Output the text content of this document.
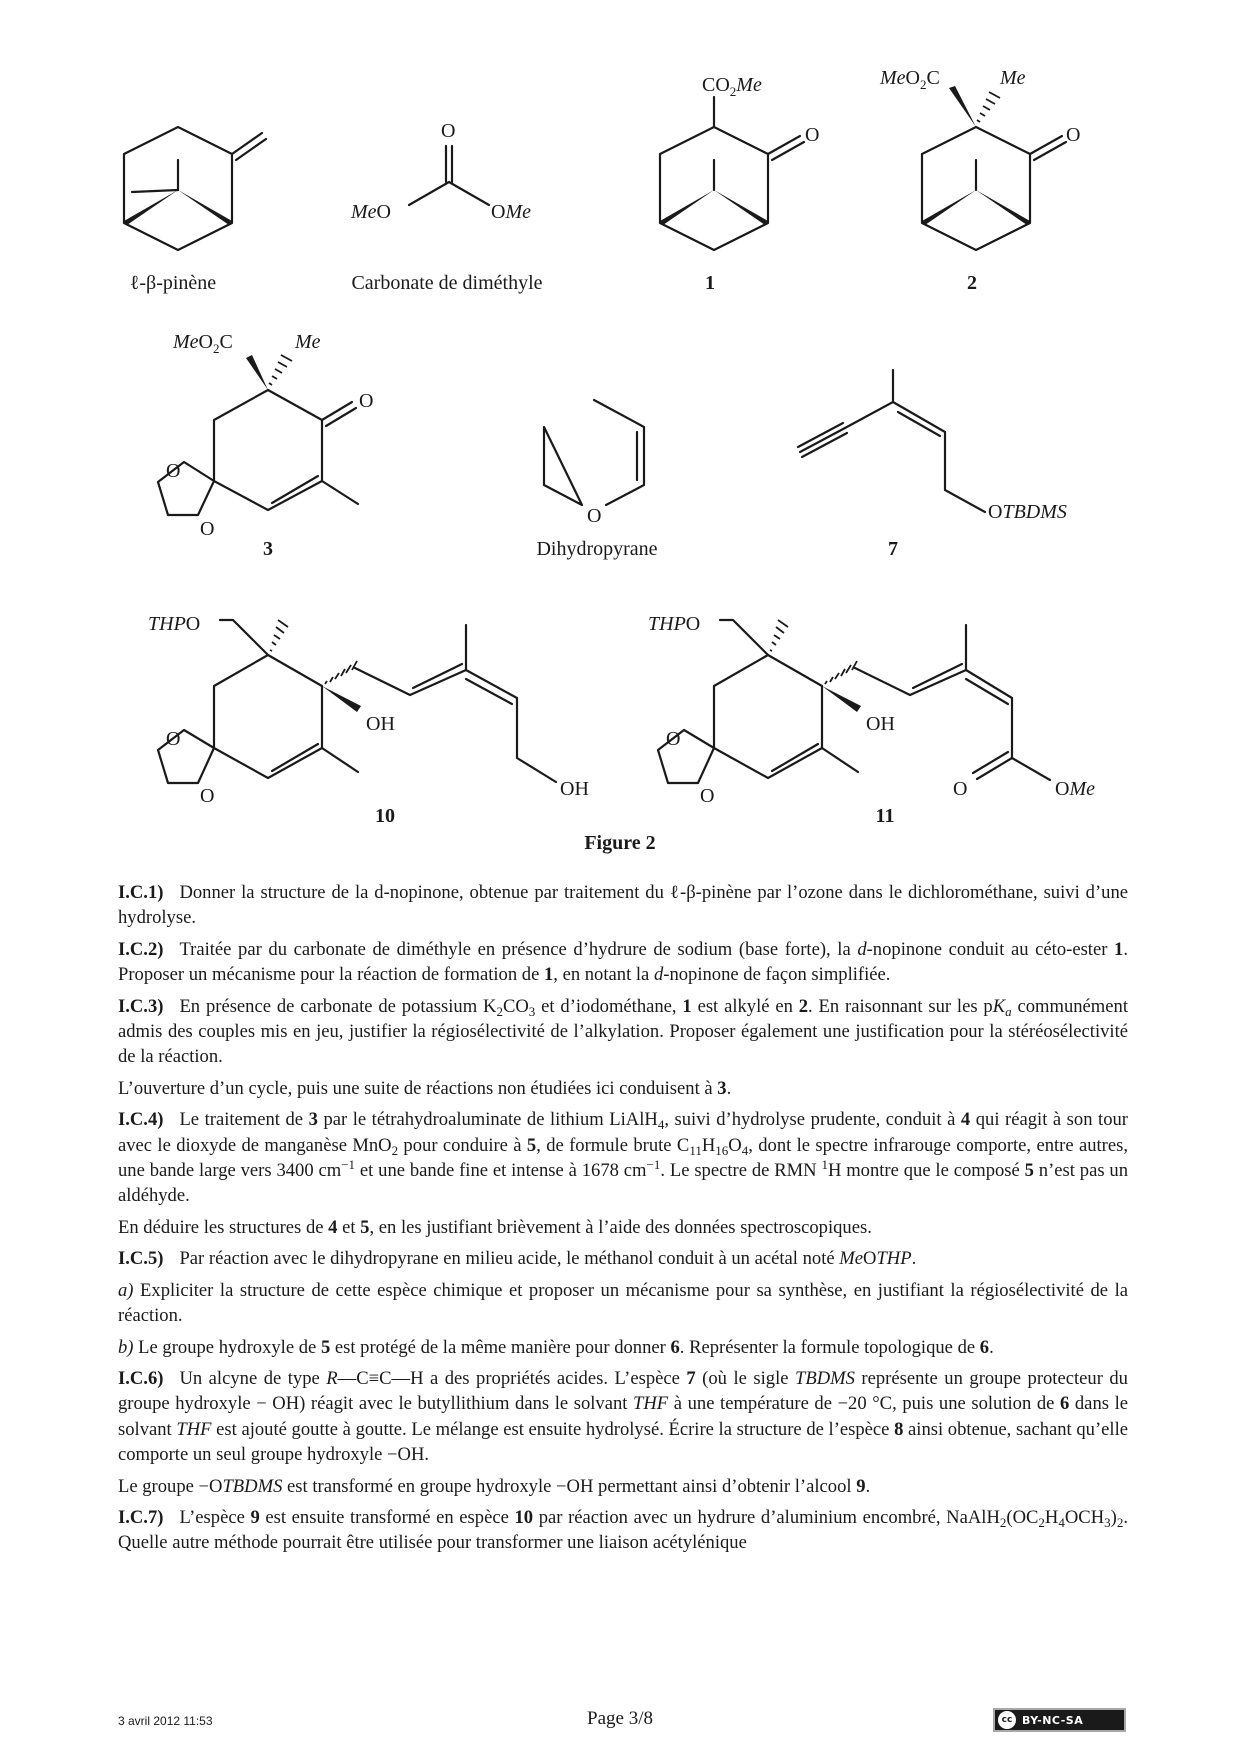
ℓ-β-pinène
O
MeO	OMe
Carbonate de diméthyle
$CO_2Me$
O
1
MeO$_2$C	Me
O
2
MeO$_2$C	Me
O
O
O
3
O
Dihydropyrane
OTBDMS
7
THPO
OH
OH
O
O
10
THPO
OH
O	OMe
O
O
11
Figure 2

I.C.1) Donner la structure de la d-nopinone, obtenue par traitement du ℓ-β-pinène par l’ozone dans le dichlorométhane, suivi d’une hydrolyse.

I.C.2) Traitée par du carbonate de diméthyle en présence d’hydrure de sodium (base forte), la d-nopinone conduit au céto-ester 1. Proposer un mécanisme pour la réaction de formation de 1, en notant la d-nopinone de façon simplifiée.

I.C.3) En présence de carbonate de potassium $K_2CO_3$ et d’iodométhane, 1 est alkylé en 2. En raisonnant sur les $pK_a$ communément admis des couples mis en jeu, justifier la régiosélectivité de l’alkylation. Proposer également une justification pour la stéréosélectivité de la réaction.

L’ouverture d’un cycle, puis une suite de réactions non étudiées ici conduisent à 3.

I.C.4) Le traitement de 3 par le tétrahydroaluminate de lithium LiAlH$_4$, suivi d’hydrolyse prudente, conduit à 4 qui réagit à son tour avec le dioxyde de manganèse MnO$_2$ pour conduire à 5, de formule brute $C_{11}H_{16}O_4$, dont le spectre infrarouge comporte, entre autres, une bande large vers 3400 $cm^{-1}$ et une bande fine et intense à 1678 $cm^{-1}$. Le spectre de RMN $^1$H montre que le composé 5 n’est pas un aldéhyde.

En déduire les structures de 4 et 5, en les justifiant brièvement à l’aide des données spectroscopiques.

I.C.5) Par réaction avec le dihydropyrane en milieu acide, le méthanol conduit à un acétal noté MeOTHP.

a) Expliciter la structure de cette espèce chimique et proposer un mécanisme pour sa synthèse, en justifiant la régiosélectivité de la réaction.

b) Le groupe hydroxyle de 5 est protégé de la même manière pour donner 6. Représenter la formule topologique de 6.

I.C.6) Un alcyne de type R—C≡C—H a des propriétés acides. L’espèce 7 (où le sigle TBDMS représente un groupe protecteur du groupe hydroxyle − OH) réagit avec le butyllithium dans le solvant THF à une température de −20 °C, puis une solution de 6 dans le solvant THF est ajouté goutte à goutte. Le mélange est ensuite hydrolysé. Écrire la structure de l’espèce 8 ainsi obtenue, sachant qu’elle comporte un seul groupe hydroxyle −OH.

Le groupe −OTBDMS est transformé en groupe hydroxyle −OH permettant ainsi d’obtenir l’alcool 9.

I.C.7) L’espèce 9 est ensuite transformé en espèce 10 par réaction avec un hydrure d’aluminium encombré, $NaAlH_2(OC_2H_4OCH_3)_2$. Quelle autre méthode pourrait être utilisée pour transformer une liaison acétylénique

3 avril 2012 11:53	Page 3/8	cc BY-NC-SA
